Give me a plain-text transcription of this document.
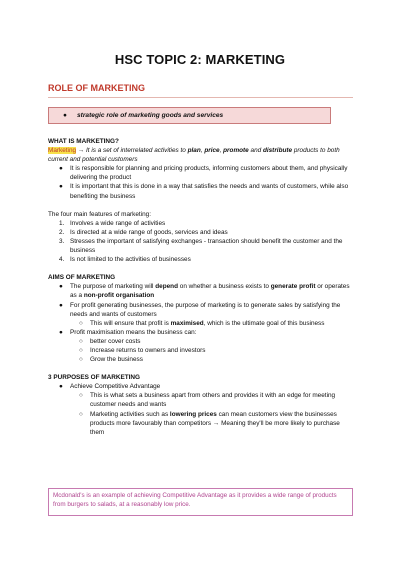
HSC TOPIC 2: MARKETING
ROLE OF MARKETING
● strategic role of marketing goods and services

WHAT IS MARKETING?

Marketing → It is a set of interrelated activities to plan, price, promote and distribute products to both current and potential customers

● It is responsible for planning and pricing products, informing customers about them, and physically delivering the product
● It is important that this is done in a way that satisfies the needs and wants of customers, while also benefiting the business

The four main features of marketing:

1. Involves a wide range of activities
2. Is directed at a wide range of goods, services and ideas
3. Stresses the important of satisfying exchanges - transaction should benefit the customer and the business
4. Is not limited to the activities of businesses

AIMS OF MARKETING

● The purpose of marketing will depend on whether a business exists to generate profit or operates as a non-profit organisation
● For profit generating businesses, the purpose of marketing is to generate sales by satisfying the needs and wants of customers
○ This will ensure that profit is maximised, which is the ultimate goal of this business
● Profit maximisation means the business can:
○ better cover costs
○ Increase returns to owners and investors
○ Grow the business

3 PURPOSES OF MARKETING

● Achieve Competitive Advantage
○ This is what sets a business apart from others and provides it with an edge for meeting customer needs and wants
○ Marketing activities such as lowering prices can mean customers view the businesses products more favourably than competitors → Meaning they'll be more likely to purchase them
Mcdonald's is an example of achieving Competitive Advantage as it provides a wide range of products from burgers to salads, at a reasonably low price.
